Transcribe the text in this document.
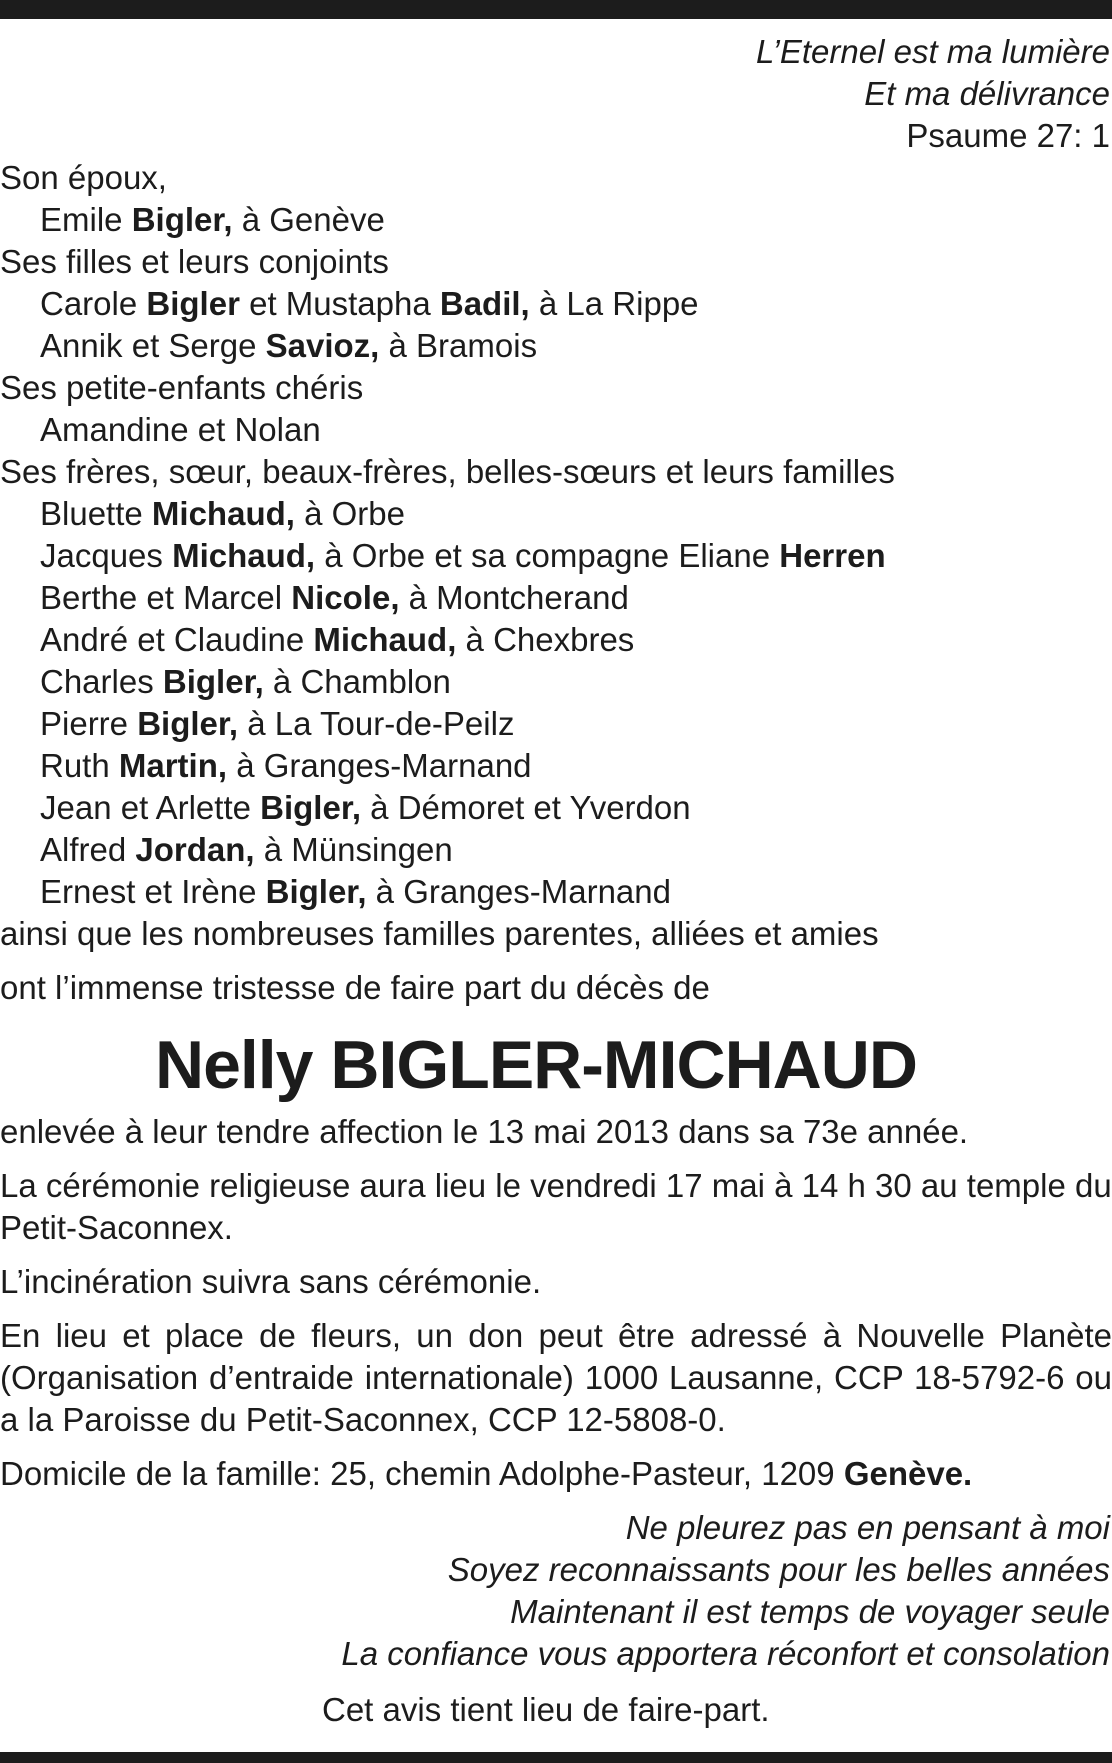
L’Eternel est ma lumière
Et ma délivrance
Psaume 27: 1
Son époux,
Emile Bigler, à Genève
Ses filles et leurs conjoints
Carole Bigler et Mustapha Badil, à La Rippe
Annik et Serge Savioz, à Bramois
Ses petite-enfants chéris
Amandine et Nolan
Ses frères, sœur, beaux-frères, belles-sœurs et leurs familles
Bluette Michaud, à Orbe
Jacques Michaud, à Orbe et sa compagne Eliane Herren
Berthe et Marcel Nicole, à Montcherand
André et Claudine Michaud, à Chexbres
Charles Bigler, à Chamblon
Pierre Bigler, à La Tour-de-Peilz
Ruth Martin, à Granges-Marnand
Jean et Arlette Bigler, à Démoret et Yverdon
Alfred Jordan, à Münsingen
Ernest et Irène Bigler, à Granges-Marnand
ainsi que les nombreuses familles parentes, alliées et amies
ont l’immense tristesse de faire part du décès de
Nelly BIGLER-MICHAUD
enlevée à leur tendre affection le 13 mai 2013 dans sa 73e année.
La cérémonie religieuse aura lieu le vendredi 17 mai à 14 h 30 au temple du Petit-Saconnex.
L’incinération suivra sans cérémonie.
En lieu et place de fleurs, un don peut être adressé à Nouvelle Planète (Organisation d’entraide internationale) 1000 Lausanne, CCP 18-5792-6 ou a la Paroisse du Petit-Saconnex, CCP 12-5808-0.
Domicile de la famille: 25, chemin Adolphe-Pasteur, 1209 Genève.
Ne pleurez pas en pensant à moi
Soyez reconnaissants pour les belles années
Maintenant il est temps de voyager seule
La confiance vous apportera réconfort et consolation
Cet avis tient lieu de faire-part.
